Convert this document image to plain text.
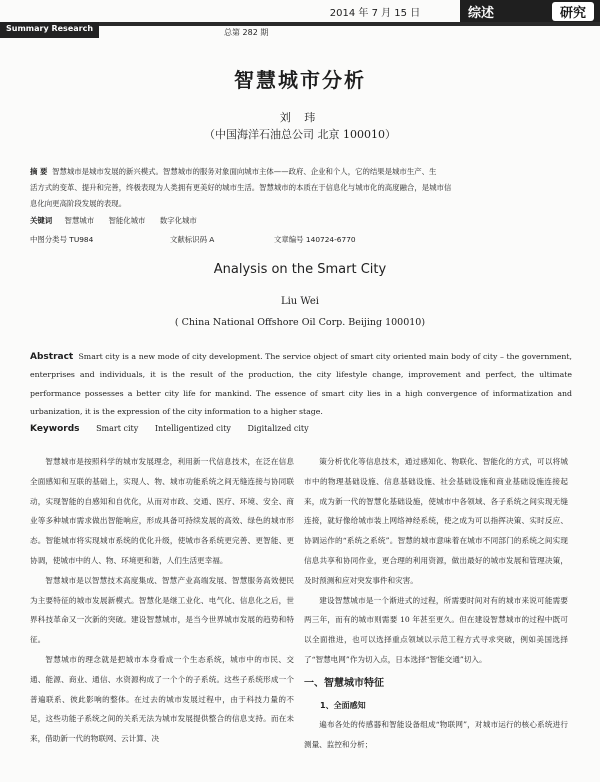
2014 年 7 月 15 日	综述	研究
Summary Research	总第 282 期
智慧城市分析
刘 玮
（中国海洋石油总公司 北京 100010）
摘 要 智慧城市是城市发展的新兴模式。智慧城市的服务对象面向城市主体——政府、企业和个人，它的结果是城市生产、生
活方式的变革、提升和完善，终极表现为人类拥有更美好的城市生活。智慧城市的本质在于信息化与城市化的高度融合，是城市信
息化向更高阶段发展的表现。
关键词 智慧城市 智能化城市 数字化城市
中图分类号 TU984	文献标识码 A	文章编号 140724-6770
Analysis on the Smart City
Liu Wei
( China National Offshore Oil Corp. Beijing 100010)
Abstract Smart city is a new mode of city development. The service object of smart city oriented main body of city – the government, enterprises and individuals, it is the result of the production, the city lifestyle change, improvement and perfect, the ultimate performance possesses a better city life for mankind. The essence of smart city lies in a high convergence of informatization and urbanization, it is the expression of the city information to a higher stage.
Keywords Smart city Intelligentized city Digitalized city

智慧城市是按照科学的城市发展理念，利用新一代信息技术，在泛在信息全面感知和互联的基础上，实现人、物、城市功能系统之间无缝连接与协同联动，实现智能的自感知和自优化，从而对市政、交通、医疗、环境、安全、商业等多种城市需求做出智能响应，形成具备可持续发展的高效、绿色的城市形态。智能城市将实现城市系统的优化升级，使城市各系统更完善、更智能、更协调，使城市中的人、物、环境更和谐，人们生活更幸福。

智慧城市是以智慧技术高度集成、智慧产业高端发展、智慧服务高效便民为主要特征的城市发展新模式。智慧化是继工业化、电气化、信息化之后，世界科技革命又一次新的突破。建设智慧城市，是当今世界城市发展的趋势和特征。

智慧城市的理念就是把城市本身看成一个生态系统，城市中的市民、交通、能源、商业、通信、水资源构成了一个个的子系统。这些子系统形成一个普遍联系、彼此影响的整体。在过去的城市发展过程中，由于科技力量的不足，这些功能子系统之间的关系无法为城市发展提供整合的信息支持。而在未来，借助新一代的物联网、云计算、决

策分析优化等信息技术，通过感知化、物联化、智能化的方式，可以将城市中的物理基础设施、信息基础设施、社会基础设施和商业基础设施连接起来，成为新一代的智慧化基础设施，使城市中各领域、各子系统之间实现无缝连接，就好像给城市装上网络神经系统，使之成为可以指挥决策、实时反应、协调运作的“系统之系统”。智慧的城市意味着在城市不同部门的系统之间实现信息共享和协同作业，更合理的利用资源，做出最好的城市发展和管理决策，及时预测和应对突发事件和灾害。

建设智慧城市是一个渐进式的过程，所需要时间对有的城市来说可能需要两三年，而有的城市则需要 10 年甚至更久。但在建设智慧城市的过程中既可以全面推进，也可以选择重点领域以示范工程方式寻求突破，例如美国选择了“智慧电网”作为切入点，日本选择“智能交通”切入。

一、智慧城市特征

1、全面感知

遍布各处的传感器和智能设备组成“物联网”，对城市运行的核心系统进行测量、监控和分析；
